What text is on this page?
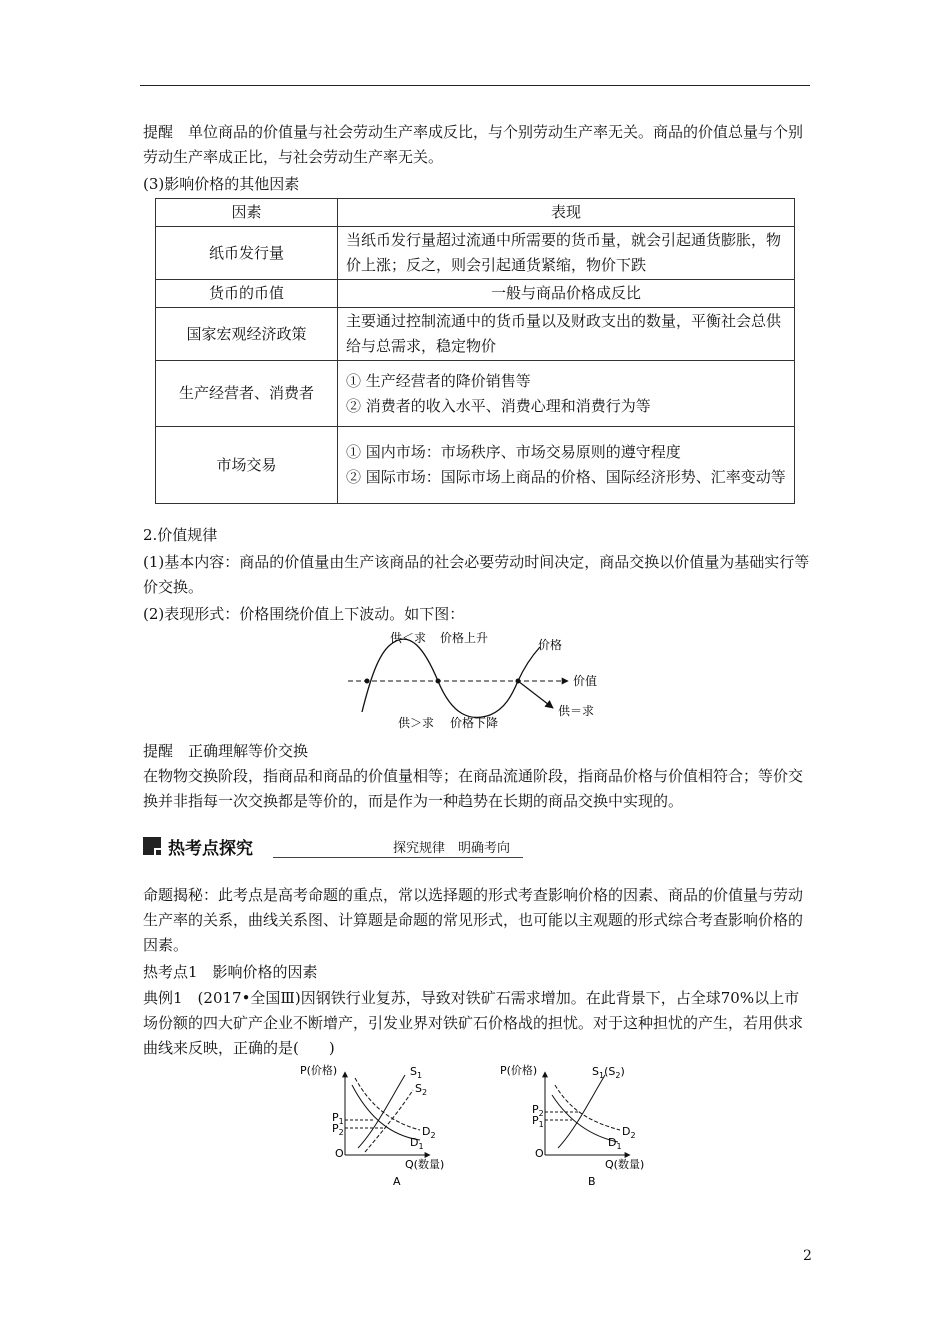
提醒　单位商品的价值量与社会劳动生产率成反比，与个别劳动生产率无关。商品的价值总量与个别劳动生产率成正比，与社会劳动生产率无关。
(3)影响价格的其他因素
因素	表现
纸币发行量	当纸币发行量超过流通中所需要的货币量，就会引起通货膨胀，物价上涨；反之，则会引起通货紧缩，物价下跌
货币的币值	一般与商品价格成反比
国家宏观经济政策	主要通过控制流通中的货币量以及财政支出的数量，平衡社会总供给与总需求，稳定物价
生产经营者、消费者	① 生产经营者的降价销售等
② 消费者的收入水平、消费心理和消费行为等

市场交易	① 国内市场：市场秩序、市场交易原则的遵守程度
② 国际市场：国际市场上商品的价格、国际经济形势、汇率变动等
2.价值规律
(1)基本内容：商品的价值量由生产该商品的社会必要劳动时间决定，商品交换以价值量为基础实行等价交换。
(2)表现形式：价格围绕价值上下波动。如下图：
供＜求 价格上升	价格
价值
供＞求 价格下降
供＝求
提醒　正确理解等价交换
在物物交换阶段，指商品和商品的价值量相等；在商品流通阶段，指商品价格与价值相符合；等价交换并非指每一次交换都是等价的，而是作为一种趋势在长期的商品交换中实现的。
热考点探究	探究规律　明确考向
命题揭秘：此考点是高考命题的重点，常以选择题的形式考查影响价格的因素、商品的价值量与劳动生产率的关系，曲线关系图、计算题是命题的常见形式，也可能以主观题的形式综合考查影响价格的因素。
热考点1　影响价格的因素
典例1　(2017•全国Ⅲ)因钢铁行业复苏，导致对铁矿石需求增加。在此背景下，占全球70%以上市场份额的四大矿产企业不断增产，引发业界对铁矿石价格战的担忧。对于这种担忧的产生，若用供求曲线来反映，正确的是(　　)
P(价格)
Q(数量)
O
$S_1$
$S_2$
$D_2$
$D_1$
$P_1$
$P_2$
A
P(价格)
Q(数量)
O
$S_1(S_2)$
$D_2$
$D_1$
$P_2$
$P_1$
B
2
